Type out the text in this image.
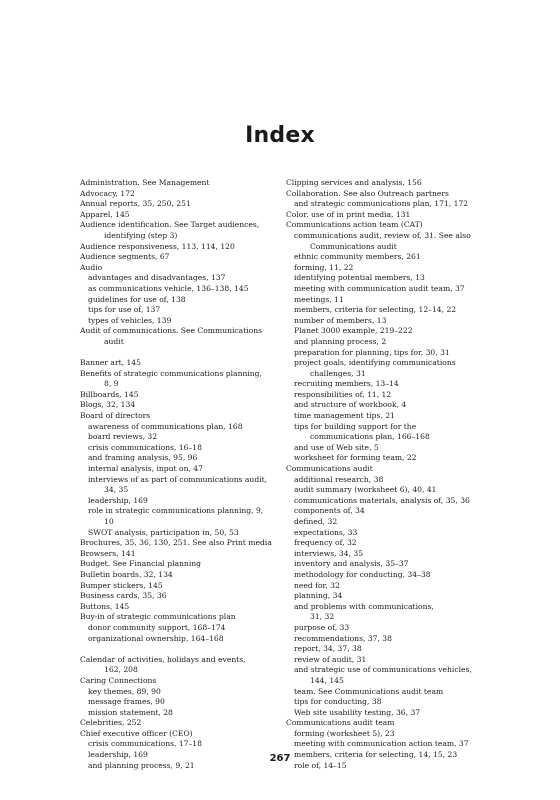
Index
Administration. See Management
Advocacy, 172
Annual reports, 35, 250, 251
Apparel, 145
Audience identification. See Target audiences,
identifying (step 3)
Audience responsiveness, 113, 114, 120
Audience segments, 67
Audio
advantages and disadvantages, 137
as communications vehicle, 136–138, 145
guidelines for use of, 138
tips for use of, 137
types of vehicles, 139
Audit of communications. See Communications
audit
Banner art, 145
Benefits of strategic communications planning,
8, 9
Billboards, 145
Blogs, 32, 134
Board of directors
awareness of communications plan, 168
board reviews, 32
crisis communications, 16–18
and framing analysis, 95, 96
internal analysis, input on, 47
interviews of as part of communications audit,
34, 35
leadership, 169
role in strategic communications planning, 9,
10
SWOT analysis, participation in, 50, 53
Brochures, 35, 36, 130, 251. See also Print media
Browsers, 141
Budget. See Financial planning
Bulletin boards, 32, 134
Bumper stickers, 145
Business cards, 35, 36
Buttons, 145
Buy-in of strategic communications plan
donor community support, 168–174
organizational ownership, 164–168
Calendar of activities, holidays and events,
162, 208
Caring Connections
key themes, 89, 90
message frames, 90
mission statement, 28
Celebrities, 252
Chief executive officer (CEO)
crisis communications, 17–18
leadership, 169
and planning process, 9, 21
Clipping services and analysis, 156
Collaboration. See also Outreach partners
and strategic communications plan, 171, 172
Color, use of in print media, 131
Communications action team (CAT)
communications audit, review of, 31. See also
Communications audit
ethnic community members, 261
forming, 11, 22
identifying potential members, 13
meeting with communication audit team, 37
meetings, 11
members, criteria for selecting, 12–14, 22
number of members, 13
Planet 3000 example, 219–222
and planning process, 2
preparation for planning, tips for, 30, 31
project goals, identifying communications
challenges, 31
recruiting members, 13–14
responsibilities of, 11, 12
and structure of workbook, 4
time management tips, 21
tips for building support for the
communications plan, 166–168
and use of Web site, 5
worksheet for forming team, 22
Communications audit
additional research, 38
audit summary (worksheet 6), 40, 41
communications materials, analysis of, 35, 36
components of, 34
defined, 32
expectations, 33
frequency of, 32
interviews, 34, 35
inventory and analysis, 35–37
methodology for conducting, 34–38
need for, 32
planning, 34
and problems with communications,
31, 32
purpose of, 33
recommendations, 37, 38
report, 34, 37, 38
review of audit, 31
and strategic use of communications vehicles,
144, 145
team. See Communications audit team
tips for conducting, 38
Web site usability testing, 36, 37
Communications audit team
forming (worksheet 5), 23
meeting with communication action team, 37
members, criteria for selecting, 14, 15, 23
role of, 14–15
267
